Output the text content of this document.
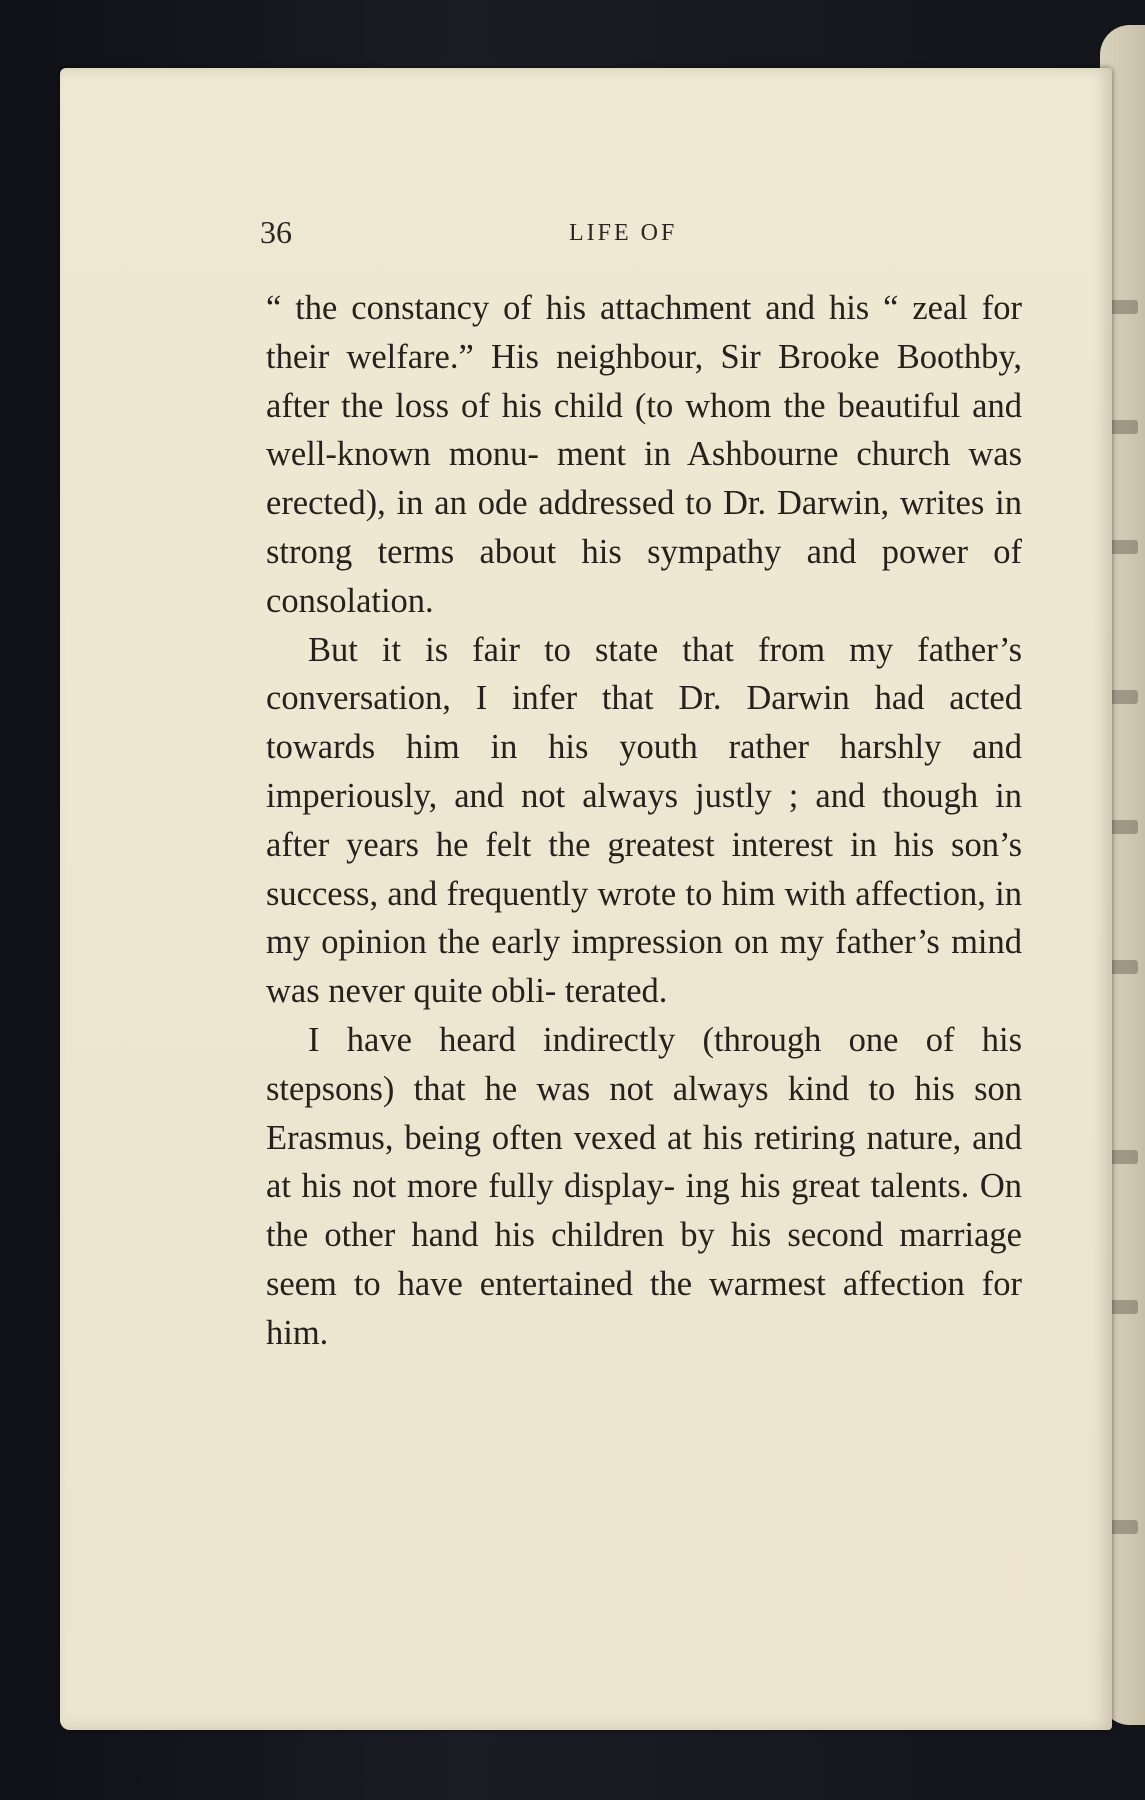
36	LIFE OF

“ the constancy of his attachment and his “ zeal for their welfare.” His neighbour, Sir Brooke Boothby, after the loss of his child (to whom the beautiful and well-known monu- ment in Ashbourne church was erected), in an ode addressed to Dr. Darwin, writes in strong terms about his sympathy and power of consolation.

But it is fair to state that from my father’s conversation, I infer that Dr. Darwin had acted towards him in his youth rather harshly and imperiously, and not always justly ; and though in after years he felt the greatest interest in his son’s success, and frequently wrote to him with affection, in my opinion the early impression on my father’s mind was never quite obli- terated.

I have heard indirectly (through one of his stepsons) that he was not always kind to his son Erasmus, being often vexed at his retiring nature, and at his not more fully display- ing his great talents. On the other hand his children by his second marriage seem to have entertained the warmest affection for him.
